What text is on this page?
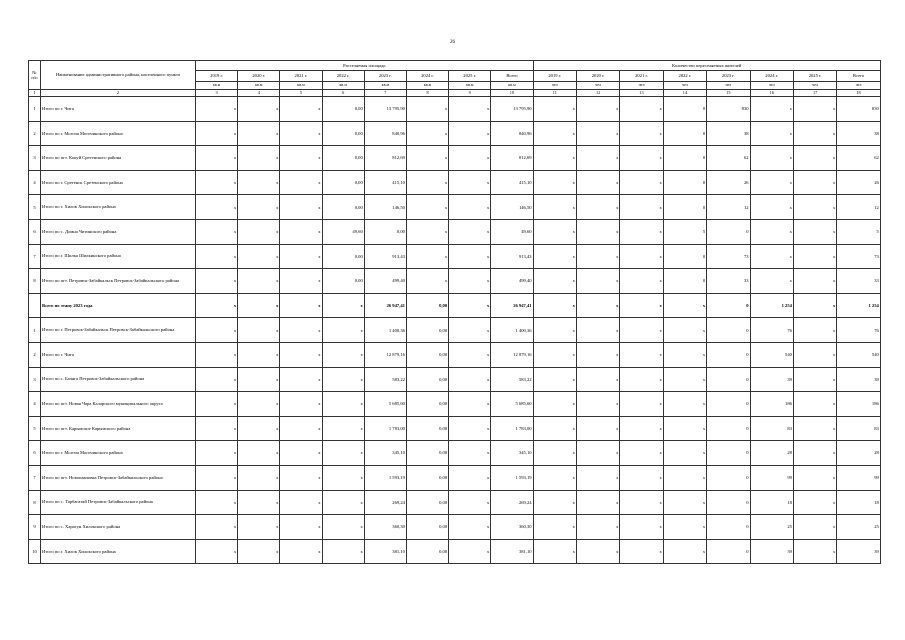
26
№ п/п	Наименование административного района, населенного пункта	Расселяемая площадь								Количество переселяемых жителей							
		2019 г.	2020 г.	2021 г.	2022 г.	2023 г.	2024 г.	2025 г.	Всего	2019 г.	2020 г.	2021 г.	2022 г.	2023 г.	2024 г.	2025 г.	Всего
		кв.м	кв.м	кв.м	кв.м	кв.м	кв.м	кв.м	кв.м	чел	чел	чел	чел	чел	чел	чел	чел
1	2	3	4	5	6	7	8	9	10	11	12	13	14	15	16	17	18
1	Итого по г. Чита	х	х	х	0,00	13 795,90	х	х	13 795,90	х	х	х	0	830	х	х	830
2	Итого по г. Могоча Могочинского района	х	х	х	0,00	840,96	х	х	840,96	х	х	х	0	38	х	х	38
3	Итого по пгт. Кокуй Сретенского района	х	х	х	0,00	812,69	х	х	812,69	х	х	х	0	62	х	х	62
4	Итого по г. Сретенск Сретенского района	х	х	х	0,00	415,10	х	х	415,10	х	х	х	0	26	х	х	26
5	Итого по г. Хилок Хилокского района	х	х	х	0,00	146,50	х	х	146,50	х	х	х	0	12	х	х	12
6	Итого по с. Домна Читинского района	х	х	х	49,60	0,00	х	х	49,60	х	х	х	5	0	х	х	5
7	Итого по г. Шилка Шилкинского района	х	х	х	0,00	913,43	х	х	913,43	х	х	х	0	73	х	х	73
8	Итого по пгт. Петровск-Забайкальск Петровск-Забайкальского района	х	х	х	0,00	499,40	х	х	499,40	х	х	х	0	33	х	х	33
	Всего по этапу 2023 года	х	х	х	х	26 947,41	0,00	х	26 947,41	х	х	х	х	0	1 254	х	1 254
1	Итого по г. Петровск-Забайкальск Петровск-Забайкальского района	х	х	х	х	1 400,36	0,00	х	1 400,36	х	х	х	х	0	76	х	76
2	Итого по г. Чита	х	х	х	х	12 879,16	0,00	х	12 879,16	х	х	х	х	0	540	х	540
3	Итого по с. Баляга Петровск-Забайкальского района	х	х	х	х	583,22	0,00	х	583,22	х	х	х	х	0	39	х	39
4	Итого по пгт. Новая Чара Каларского муниципального округа	х	х	х	х	5 685,60	0,00	х	5 685,60	х	х	х	х	0	186	х	186
5	Итого по пгт. Карымское Карымского района	х	х	х	х	1 783,00	0,00	х	1 783,00	х	х	х	х	0	83	х	83
6	Итого по г. Могоча Могочинского района	х	х	х	х	345,10	0,00	х	345,10	х	х	х	х	0	28	х	28
7	Итого по пгт. Новопавловка Петровск-Забайкальского района	х	х	х	х	1 593,19	0,00	х	1 593,19	х	х	х	х	0	99	х	99
8	Итого по с. Тарбагатай Петровск-Забайкальского района	х	х	х	х	269,24	0,00	х	269,24	х	х	х	х	0	18	х	18
9	Итого по с. Харагун Хилокского района	х	х	х	х	360,30	0,00	х	360,30	х	х	х	х	0	25	х	25
10	Итого по г. Хилок Хилокского района	х	х	х	х	381,10	0,00	х	381,10	х	х	х	х	0	39	х	39
